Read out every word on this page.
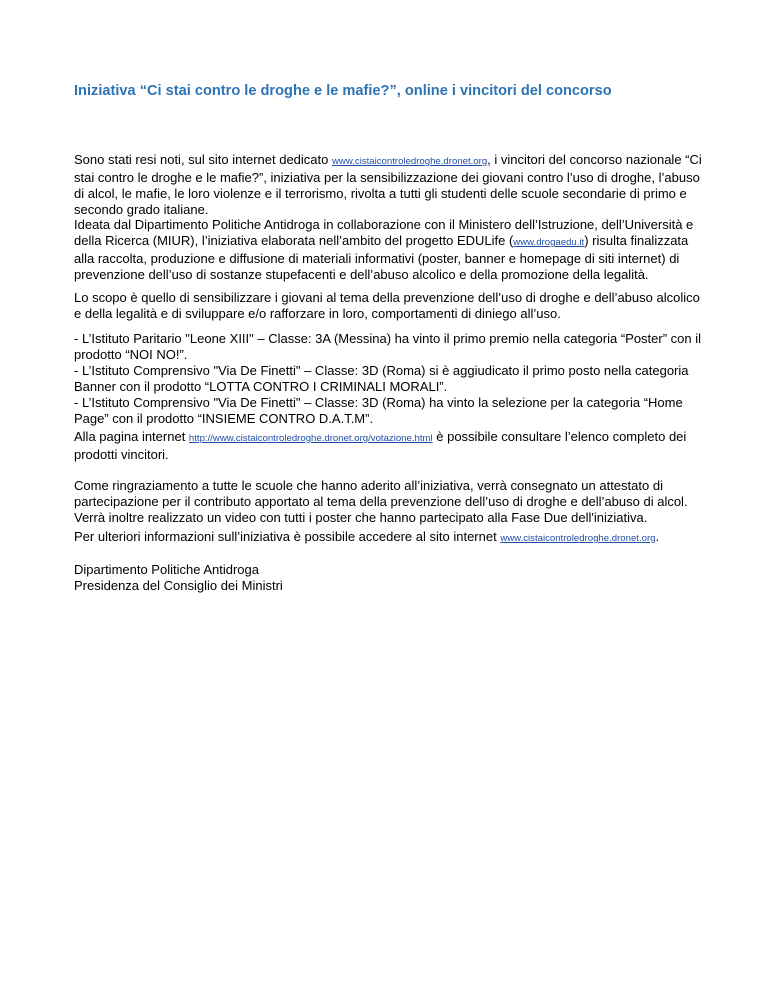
Iniziativa “Ci stai contro le droghe e le mafie?”, online i vincitori del concorso

Sono stati resi noti, sul sito internet dedicato www.cistaicontroledroghe.dronet.org, i vincitori del concorso nazionale “Ci stai contro le droghe e le mafie?”, iniziativa per la sensibilizzazione dei giovani contro l’uso di droghe, l’abuso di alcol, le mafie, le loro violenze e il terrorismo, rivolta a tutti gli studenti delle scuole secondarie di primo e secondo grado italiane.

Ideata dal Dipartimento Politiche Antidroga in collaborazione con il Ministero dell’Istruzione, dell’Università e della Ricerca (MIUR), l’iniziativa elaborata nell’ambito del progetto EDULife (www.drogaedu.it) risulta finalizzata alla raccolta, produzione e diffusione di materiali informativi (poster, banner e homepage di siti internet) di prevenzione dell’uso di sostanze stupefacenti e dell’abuso alcolico e della promozione della legalità.

Lo scopo è quello di sensibilizzare i giovani al tema della prevenzione dell’uso di droghe e dell’abuso alcolico e della legalità e di sviluppare e/o rafforzare in loro, comportamenti di diniego all’uso.

- L’Istituto Paritario "Leone XIII" – Classe: 3A (Messina) ha vinto il primo premio nella categoria “Poster” con il prodotto “NOI NO!”.
- L’Istituto Comprensivo "Via De Finetti" – Classe: 3D (Roma) si è aggiudicato il primo posto nella categoria Banner con il prodotto “LOTTA CONTRO I CRIMINALI MORALI”.
- L’Istituto Comprensivo "Via De Finetti" – Classe: 3D (Roma) ha vinto la selezione per la categoria “Home Page” con il prodotto “INSIEME CONTRO D.A.T.M”.

Alla pagina internet http://www.cistaicontroledroghe.dronet.org/votazione.html è possibile consultare l’elenco completo dei prodotti vincitori.

Come ringraziamento a tutte le scuole che hanno aderito all’iniziativa, verrà consegnato un attestato di partecipazione per il contributo apportato al tema della prevenzione dell’uso di droghe e dell’abuso di alcol. Verrà inoltre realizzato un video con tutti i poster che hanno partecipato alla Fase Due dell'iniziativa.

Per ulteriori informazioni sull’iniziativa è possibile accedere al sito internet www.cistaicontroledroghe.dronet.org.

Dipartimento Politiche Antidroga
Presidenza del Consiglio dei Ministri
